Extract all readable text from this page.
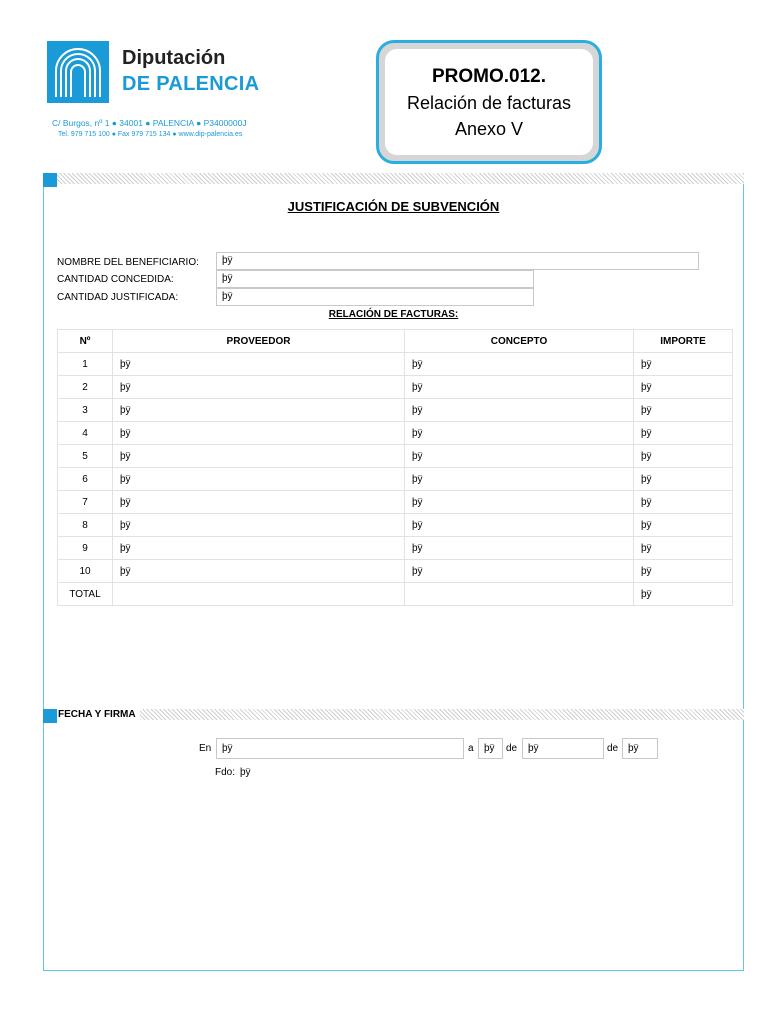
Diputación
DE PALENCIA
C/ Burgos, nº 1 ● 34001 ● PALENCIA ● P3400000J
Tel. 979 715 100 ● Fax 979 715 134 ● www.dip-palencia.es
PROMO.012.
Relación de facturas
Anexo V
JUSTIFICACIÓN DE SUBVENCIÓN
NOMBRE DEL BENEFICIARIO:	þÿ
CANTIDAD CONCEDIDA:	þÿ
CANTIDAD JUSTIFICADA:	þÿ
RELACIÓN DE FACTURAS:
Nº	PROVEEDOR	CONCEPTO	IMPORTE
1	þÿ	þÿ	þÿ
2	þÿ	þÿ	þÿ
3	þÿ	þÿ	þÿ
4	þÿ	þÿ	þÿ
5	þÿ	þÿ	þÿ
6	þÿ	þÿ	þÿ
7	þÿ	þÿ	þÿ
8	þÿ	þÿ	þÿ
9	þÿ	þÿ	þÿ
10	þÿ	þÿ	þÿ
TOTAL			þÿ
FECHA Y FIRMA
En	þÿ	a	þÿ	de	þÿ	de þÿ
Fdo: þÿ
